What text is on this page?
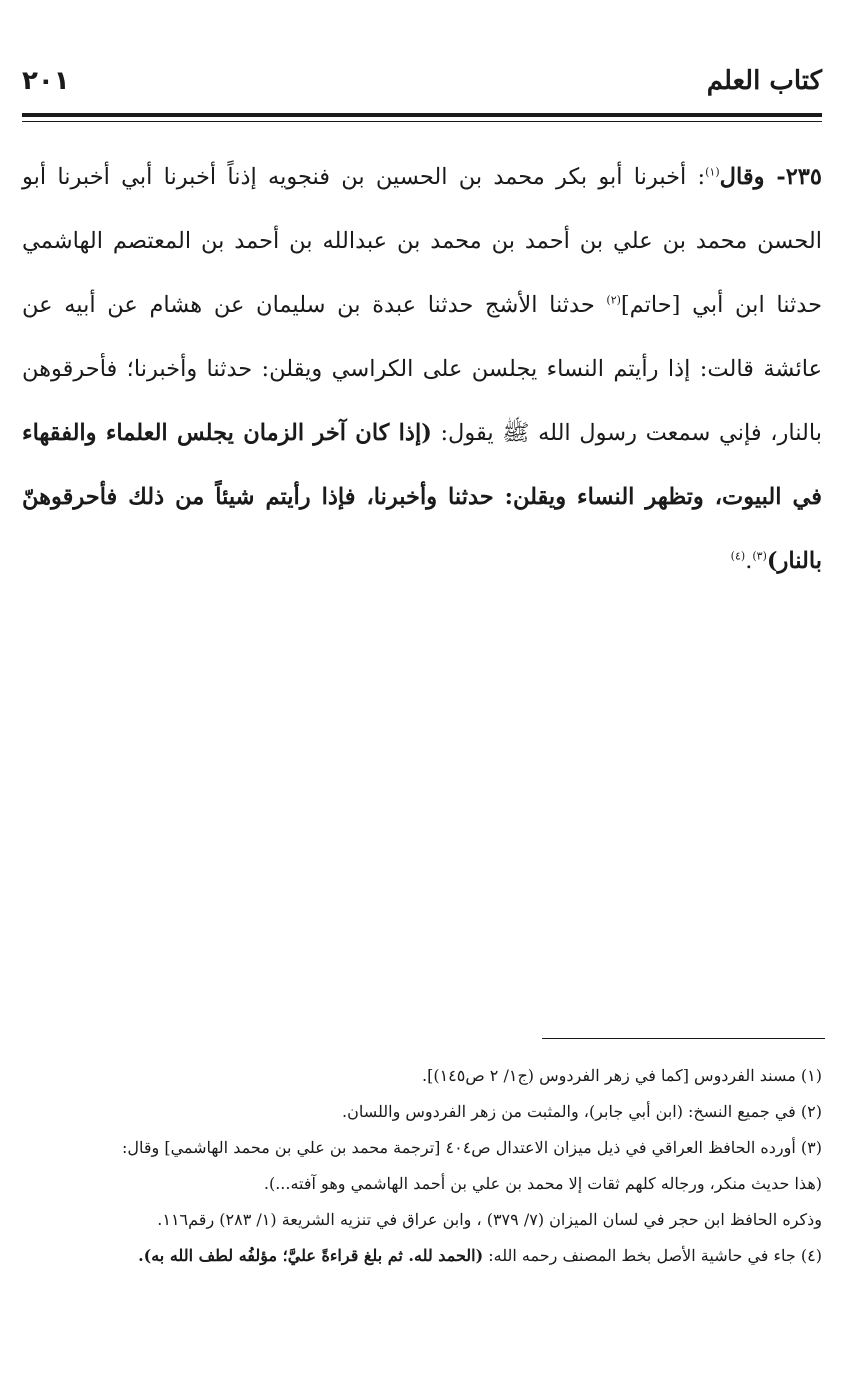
كتاب العلم
٢٠١
٢٣٥- وقال$^{(١)}$: أخبرنا أبو بكر محمد بن الحسين بن فنجويه إذناً أخبرنا أبي أخبرنا أبو الحسن محمد بن علي بن أحمد بن محمد بن عبدالله بن أحمد بن المعتصم الهاشمي حدثنا ابن أبي [حاتم]$^{(٢)}$ حدثنا الأشج حدثنا عبدة بن سليمان عن هشام عن أبيه عن عائشة قالت: إذا رأيتم النساء يجلسن على الكراسي ويقلن: حدثنا وأخبرنا؛ فأحرقوهن بالنار، فإني سمعت رسول الله ﷺ يقول: (إذا كان آخر الزمان يجلس العلماء والفقهاء في البيوت، وتظهر النساء ويقلن: حدثنا وأخبرنا، فإذا رأيتم شيئاً من ذلك فأحرقوهنّ بالنار)$^{(٣)}$.$^{(٤)}$

(١) مسند الفردوس [كما في زهر الفردوس (ج١/ ٢ ص١٤٥)].

(٢) في جميع النسخ: (ابن أبي جابر)، والمثبت من زهر الفردوس واللسان.

(٣) أورده الحافظ العراقي في ذيل ميزان الاعتدال ص٤٠٤ [ترجمة محمد بن علي بن محمد الهاشمي] وقال:

(هذا حديث منكر، ورجاله كلهم ثقات إلا محمد بن علي بن أحمد الهاشمي وهو آفته...).

وذكره الحافظ ابن حجر في لسان الميزان (٧/ ٣٧٩) ، وابن عراق في تنزيه الشريعة (١/ ٢٨٣) رقم١١٦.

(٤) جاء في حاشية الأصل بخط المصنف رحمه الله: (الحمد لله. ثم بلغ قراءةً عليَّ؛ مؤلفُه لطف الله به).
